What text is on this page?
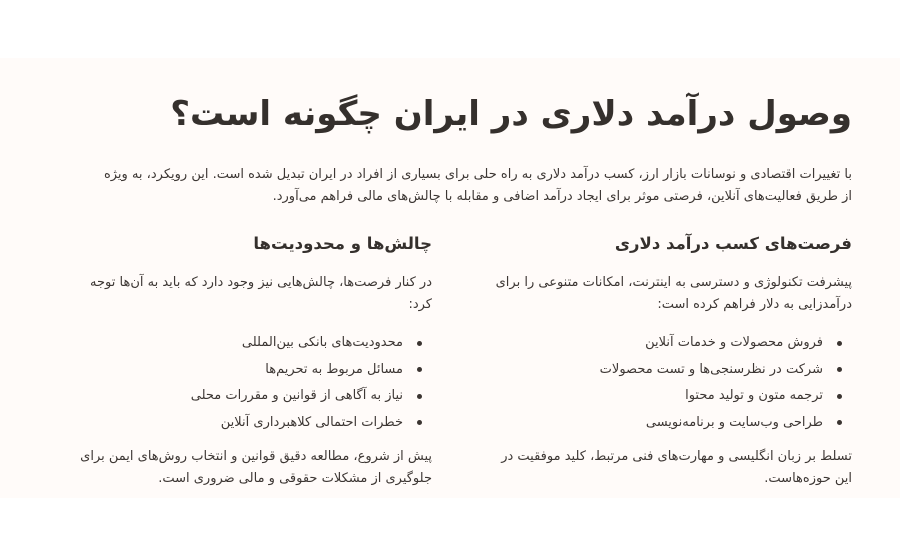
وصول درآمد دلاری در ایران چگونه است؟

با تغییرات اقتصادی و نوسانات بازار ارز، کسب درآمد دلاری به راه حلی برای بسیاری از افراد در ایران تبدیل شده است. این رویکرد، به ویژه از طریق فعالیت‌های آنلاین، فرصتی موثر برای ایجاد درآمد اضافی و مقابله با چالش‌های مالی فراهم می‌آورد.

فرصت‌های کسب درآمد دلاری

پیشرفت تکنولوژی و دسترسی به اینترنت، امکانات متنوعی را برای درآمدزایی به دلار فراهم کرده است:

فروش محصولات و خدمات آنلاین
شرکت در نظرسنجی‌ها و تست محصولات
ترجمه متون و تولید محتوا
طراحی وب‌سایت و برنامه‌نویسی

تسلط بر زبان انگلیسی و مهارت‌های فنی مرتبط، کلید موفقیت در این حوزه‌هاست.

چالش‌ها و محدودیت‌ها

در کنار فرصت‌ها، چالش‌هایی نیز وجود دارد که باید به آن‌ها توجه کرد:

محدودیت‌های بانکی بین‌المللی
مسائل مربوط به تحریم‌ها
نیاز به آگاهی از قوانین و مقررات محلی
خطرات احتمالی کلاهبرداری آنلاین

پیش از شروع، مطالعه دقیق قوانین و انتخاب روش‌های ایمن برای جلوگیری از مشکلات حقوقی و مالی ضروری است.
